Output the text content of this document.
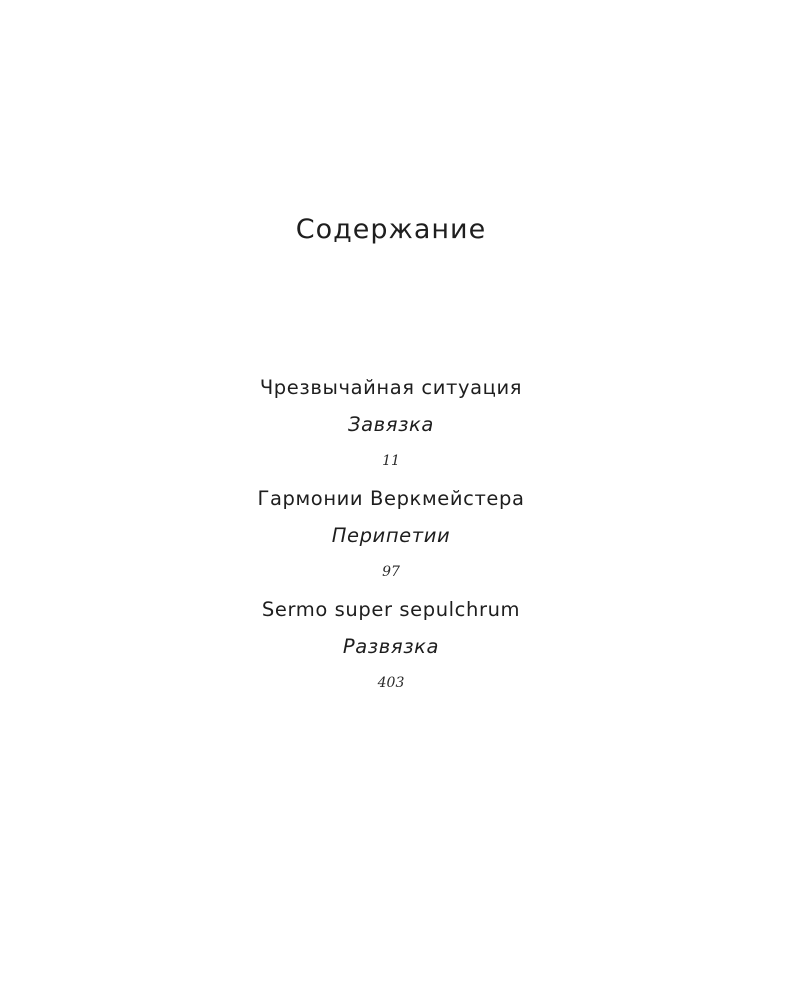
Содержание
Чрезвычайная ситуация
Завязка
11
Гармонии Веркмейстера
Перипетии
97
Sermo super sepulchrum
Развязка
403
